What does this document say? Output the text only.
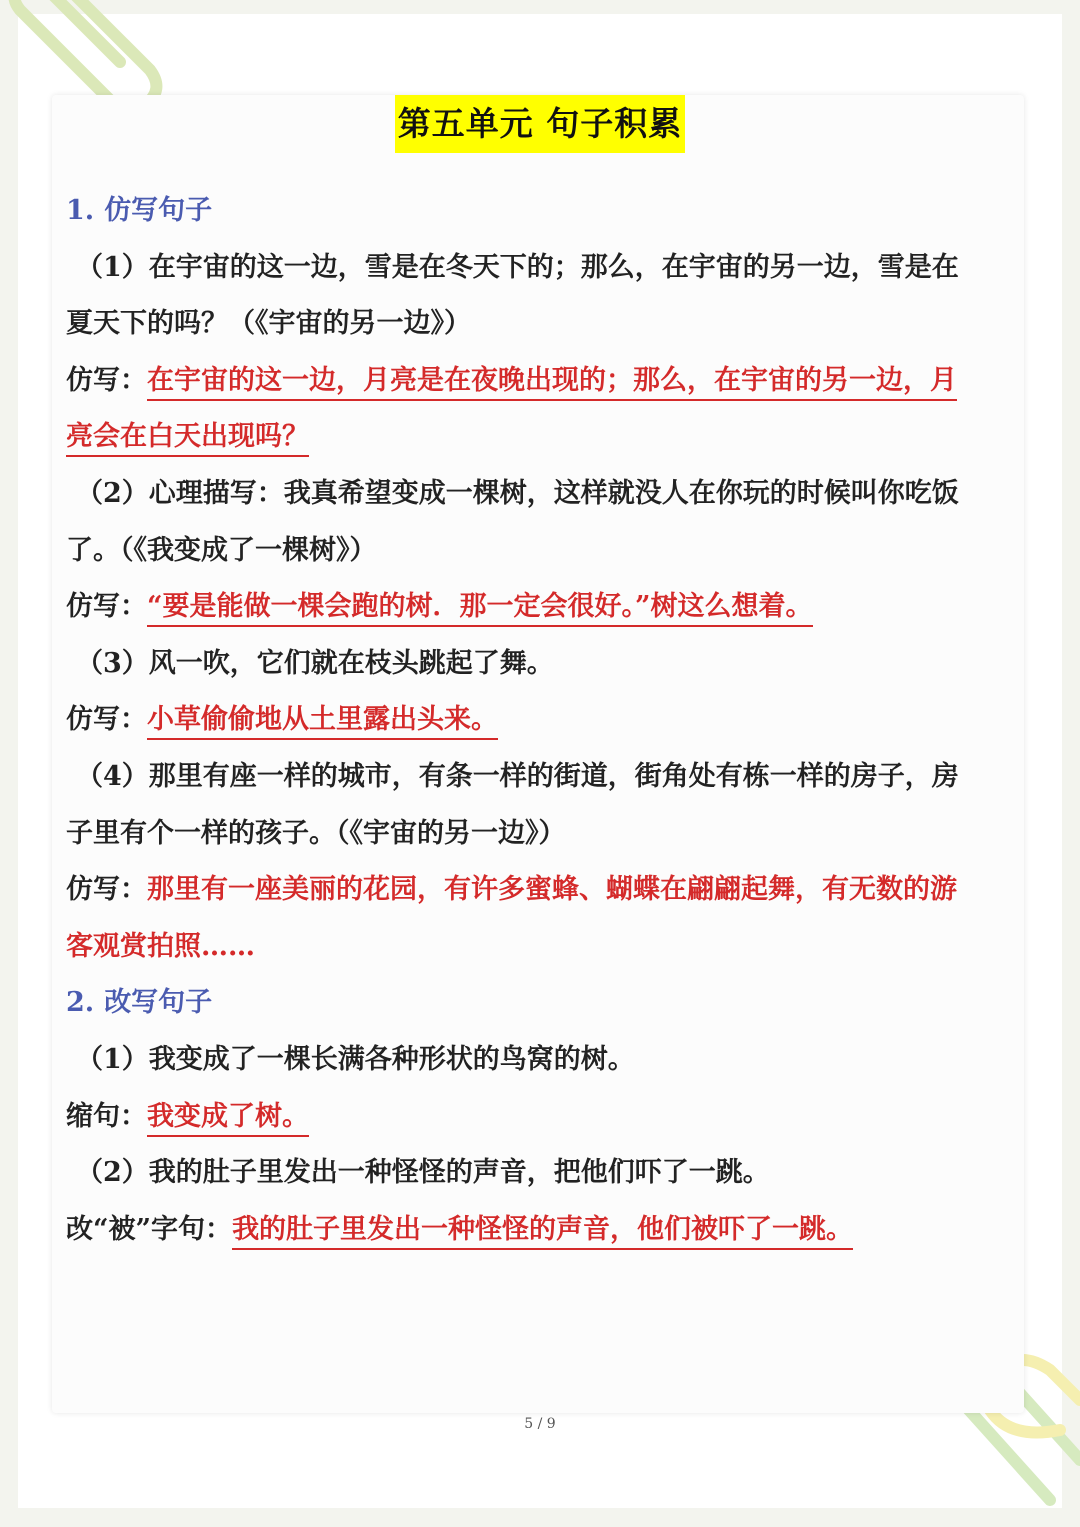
第五单元 句子积累
1. 仿写句子
（1）在宇宙的这一边，雪是在冬天下的；那么，在宇宙的另一边，雪是在
夏天下的吗？（《宇宙的另一边》）
仿写：在宇宙的这一边，月亮是在夜晚出现的；那么，在宇宙的另一边，月
亮会在白天出现吗？
（2）心理描写：我真希望变成一棵树，这样就没人在你玩的时候叫你吃饭
了。（《我变成了一棵树》）
仿写：“要是能做一棵会跑的树．那一定会很好。”树这么想着。
（3）风一吹，它们就在枝头跳起了舞。
仿写：小草偷偷地从土里露出头来。
（4）那里有座一样的城市，有条一样的街道，街角处有栋一样的房子，房
子里有个一样的孩子。（《宇宙的另一边》）
仿写：那里有一座美丽的花园，有许多蜜蜂、蝴蝶在翩翩起舞，有无数的游
客观赏拍照……
2. 改写句子
（1）我变成了一棵长满各种形状的鸟窝的树。
缩句：我变成了树。
（2）我的肚子里发出一种怪怪的声音，把他们吓了一跳。
改“被”字句：我的肚子里发出一种怪怪的声音，他们被吓了一跳。
5 / 9
